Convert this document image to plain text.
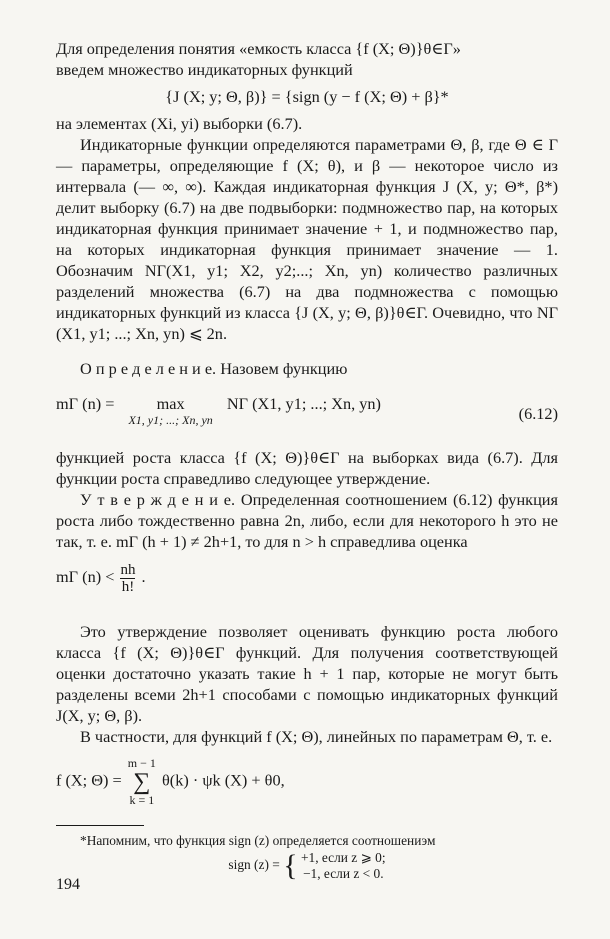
Для определения понятия «емкость класса {f (X; Θ)}θ∈Γ»

введем множество индикаторных функций

{J (X; y; Θ, β)} = {sign (y − f (X; Θ) + β}*

на элементах (Xi, yi) выборки (6.7).

Индикаторные функции определяются параметрами Θ, β, где Θ ∈ Γ — параметры, определяющие f (X; θ), и β — некоторое число из интервала (— ∞, ∞). Каждая индикаторная функция J (X, y; Θ*, β*) делит выборку (6.7) на две подвыборки: подмножество пар, на которых индикаторная функция принимает значение + 1, и подмножество пар, на которых индикаторная функция принимает значение — 1. Обозначим NΓ(X1, y1; X2, y2;...; Xn, yn) количество различных разделений множества (6.7) на два подмножества с помощью индикаторных функций из класса {J (X, y; Θ, β)}θ∈Γ. Очевидно, что NΓ (X1, y1; ...; Xn, yn) ⩽ 2n.

О п р е д е л е н и е. Назовем функцию

mΓ (n) =	max
X1, y1; ...; Xn, yn
NΓ (X1, y1; ...; Xn, yn)
(6.12)

функцией роста класса {f (X; Θ)}θ∈Γ на выборках вида (6.7). Для функции роста справедливо следующее утверждение.

У т в е р ж д е н и е. Определенная соотношением (6.12) функция роста либо тождественно равна 2n, либо, если для некоторого h это не так, т. е. mΓ (h + 1) ≠ 2h+1, то для n > h справедлива оценка

mΓ $(n) < \frac{nh}{h!}$ .

Это утверждение позволяет оценивать функцию роста любого класса {f (X; Θ)}θ∈Γ функций. Для получения соответствующей оценки достаточно указать такие h + 1 пар, которые не могут быть разделены всеми 2h+1 способами с помощью индикаторных функций J(X, y; Θ, β).

В частности, для функций f (X; Θ), линейных по параметрам Θ, т. е.

f (X; Θ) =
m − 1
∑
k = 1
θ(k) · ψk (X) + θ0,

*Напомним, что функция sign (z) определяется соотношениэм

sign (z) = { +1, если z ⩾ 0;
−1, если z < 0.

194
